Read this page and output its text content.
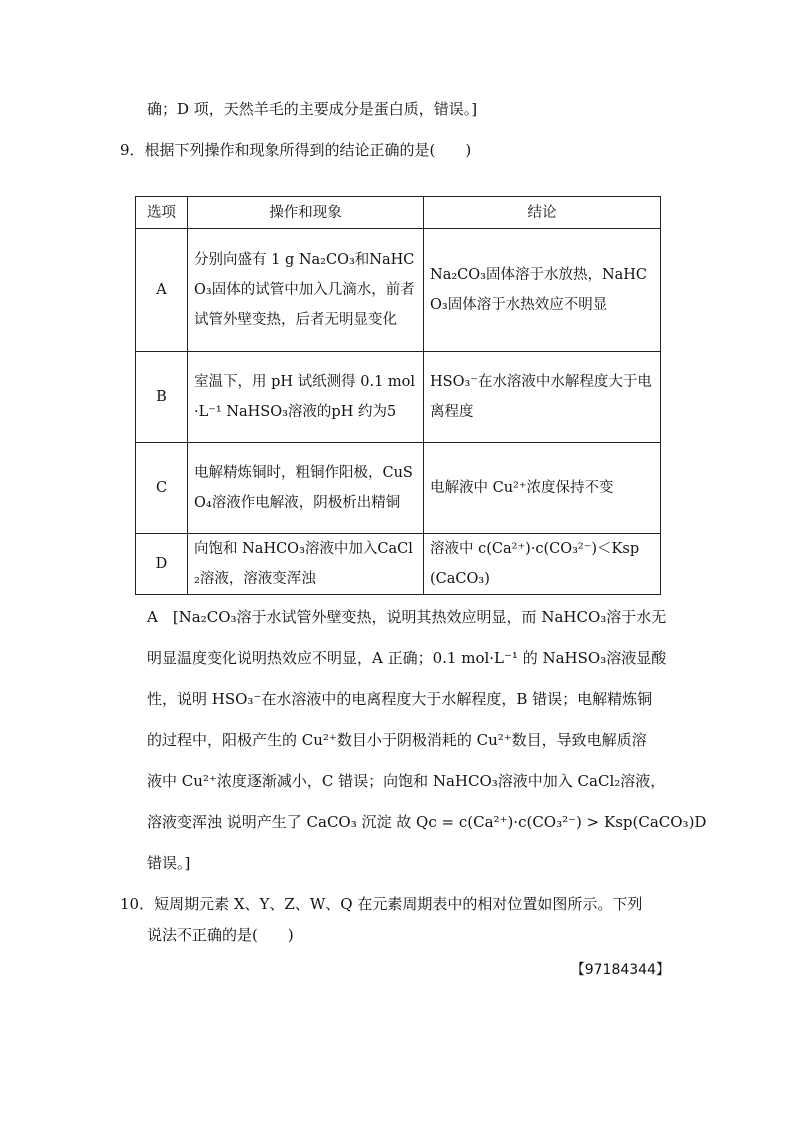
确；D 项，天然羊毛的主要成分是蛋白质，错误。]
9．根据下列操作和现象所得到的结论正确的是(　　)
选项	操作和现象	结论
A	分别向盛有 1 g Na₂CO₃和NaHCO₃固体的试管中加入几滴水，前者试管外壁变热，后者无明显变化	Na₂CO₃固体溶于水放热，NaHCO₃固体溶于水热效应不明显
B	室温下，用 pH 试纸测得 0.1 mol·L⁻¹ NaHSO₃溶液的pH 约为5	HSO₃⁻在水溶液中水解程度大于电离程度
C	电解精炼铜时，粗铜作阳极，CuSO₄溶液作电解液，阴极析出精铜	电解液中 Cu²⁺浓度保持不变
D	向饱和 NaHCO₃溶液中加入CaCl₂溶液，溶液变浑浊	溶液中 c(Ca²⁺)·c(CO₃²⁻)＜Ksp(CaCO₃)
A　[Na₂CO₃溶于水试管外壁变热，说明其热效应明显，而 NaHCO₃溶于水无
明显温度变化说明热效应不明显，A 正确；0.1 mol·L⁻¹ 的 NaHSO₃溶液显酸
性，说明 HSO₃⁻在水溶液中的电离程度大于水解程度，B 错误；电解精炼铜
的过程中，阳极产生的 Cu²⁺数目小于阴极消耗的 Cu²⁺数目，导致电解质溶
液中 Cu²⁺浓度逐渐减小，C 错误；向饱和 NaHCO₃溶液中加入 CaCl₂溶液，
溶液变浑浊 说明产生了 CaCO₃ 沉淀 故 Qc = c(Ca²⁺)·c(CO₃²⁻) > Ksp(CaCO₃)D
错误。]
10．短周期元素 X、Y、Z、W、Q 在元素周期表中的相对位置如图所示。下列
说法不正确的是(　　)
【97184344】
